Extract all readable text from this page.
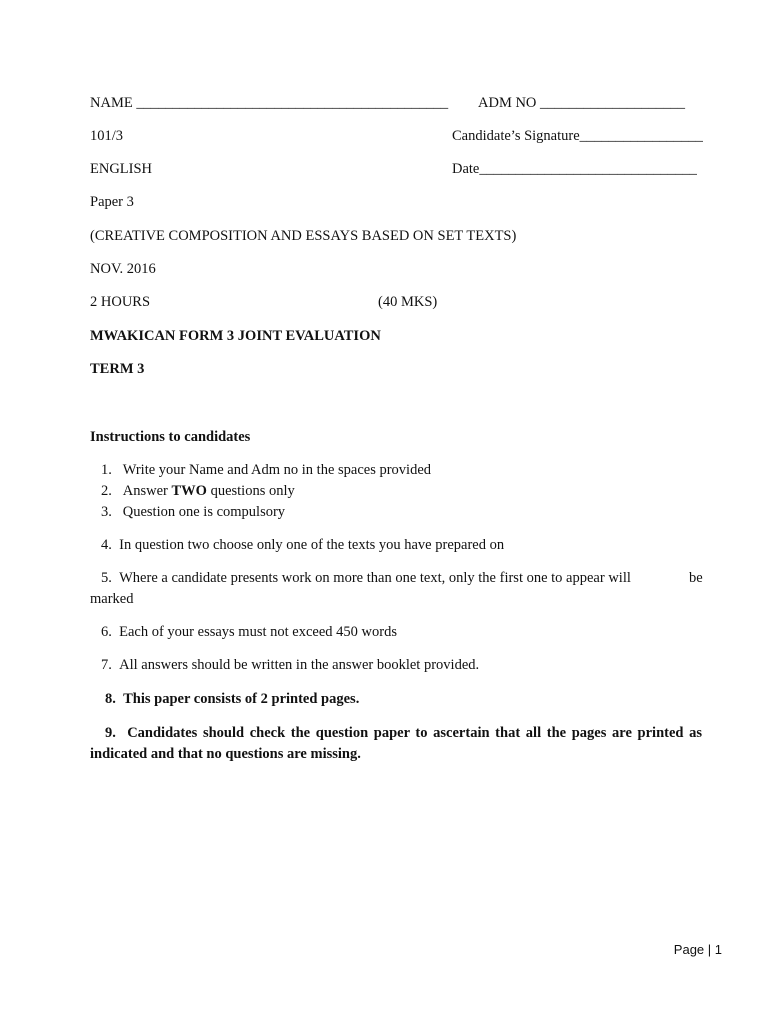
NAME ___________________________________________ ADM NO ____________________
101/3	Candidate’s Signature_________________
ENGLISH	Date______________________________
Paper 3
(CREATIVE COMPOSITION AND ESSAYS BASED ON SET TEXTS)
NOV. 2016
2 HOURS	(40 MKS)
MWAKICAN FORM 3 JOINT EVALUATION
TERM 3
Instructions to candidates
1. Write your Name and Adm no in the spaces provided
2. Answer TWO questions only
3. Question one is compulsory
4. In question two choose only one of the texts you have prepared on
5. Where a candidate presents work on more than one text, only the first one to appear will	be
marked
6. Each of your essays must not exceed 450 words
7. All answers should be written in the answer booklet provided.
8. This paper consists of 2 printed pages.
9. Candidates should check the question paper to ascertain that all the pages are printed as indicated and that no questions are missing.
Page | 1
